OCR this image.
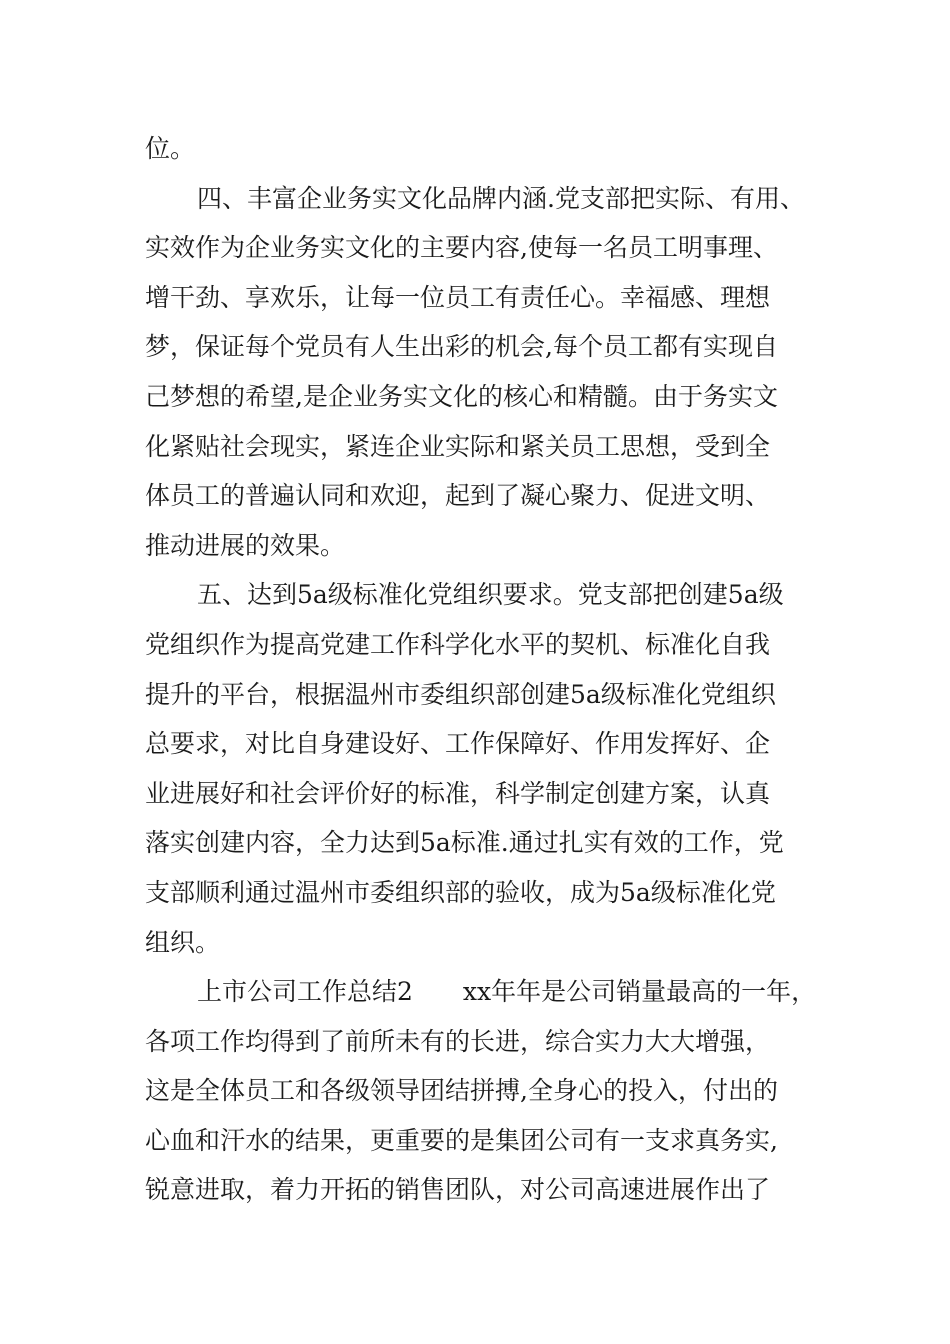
位。
四、丰富企业务实文化品牌内涵.党支部把实际、有用、
实效作为企业务实文化的主要内容,使每一名员工明事理、
增干劲、享欢乐，让每一位员工有责任心。幸福感、理想
梦，保证每个党员有人生出彩的机会,每个员工都有实现自
己梦想的希望,是企业务实文化的核心和精髓。由于务实文
化紧贴社会现实，紧连企业实际和紧关员工思想，受到全
体员工的普遍认同和欢迎，起到了凝心聚力、促进文明、
推动进展的效果。
五、达到5a级标准化党组织要求。党支部把创建5a级
党组织作为提高党建工作科学化水平的契机、标准化自我
提升的平台，根据温州市委组织部创建5a级标准化党组织
总要求，对比自身建设好、工作保障好、作用发挥好、企
业进展好和社会评价好的标准，科学制定创建方案，认真
落实创建内容，全力达到5a标准.通过扎实有效的工作，党
支部顺利通过温州市委组织部的验收，成为5a级标准化党
组织。
上市公司工作总结2　　xx年年是公司销量最高的一年，
各项工作均得到了前所未有的长进，综合实力大大增强，
这是全体员工和各级领导团结拼搏,全身心的投入，付出的
心血和汗水的结果，更重要的是集团公司有一支求真务实,
锐意进取，着力开拓的销售团队，对公司高速进展作出了
